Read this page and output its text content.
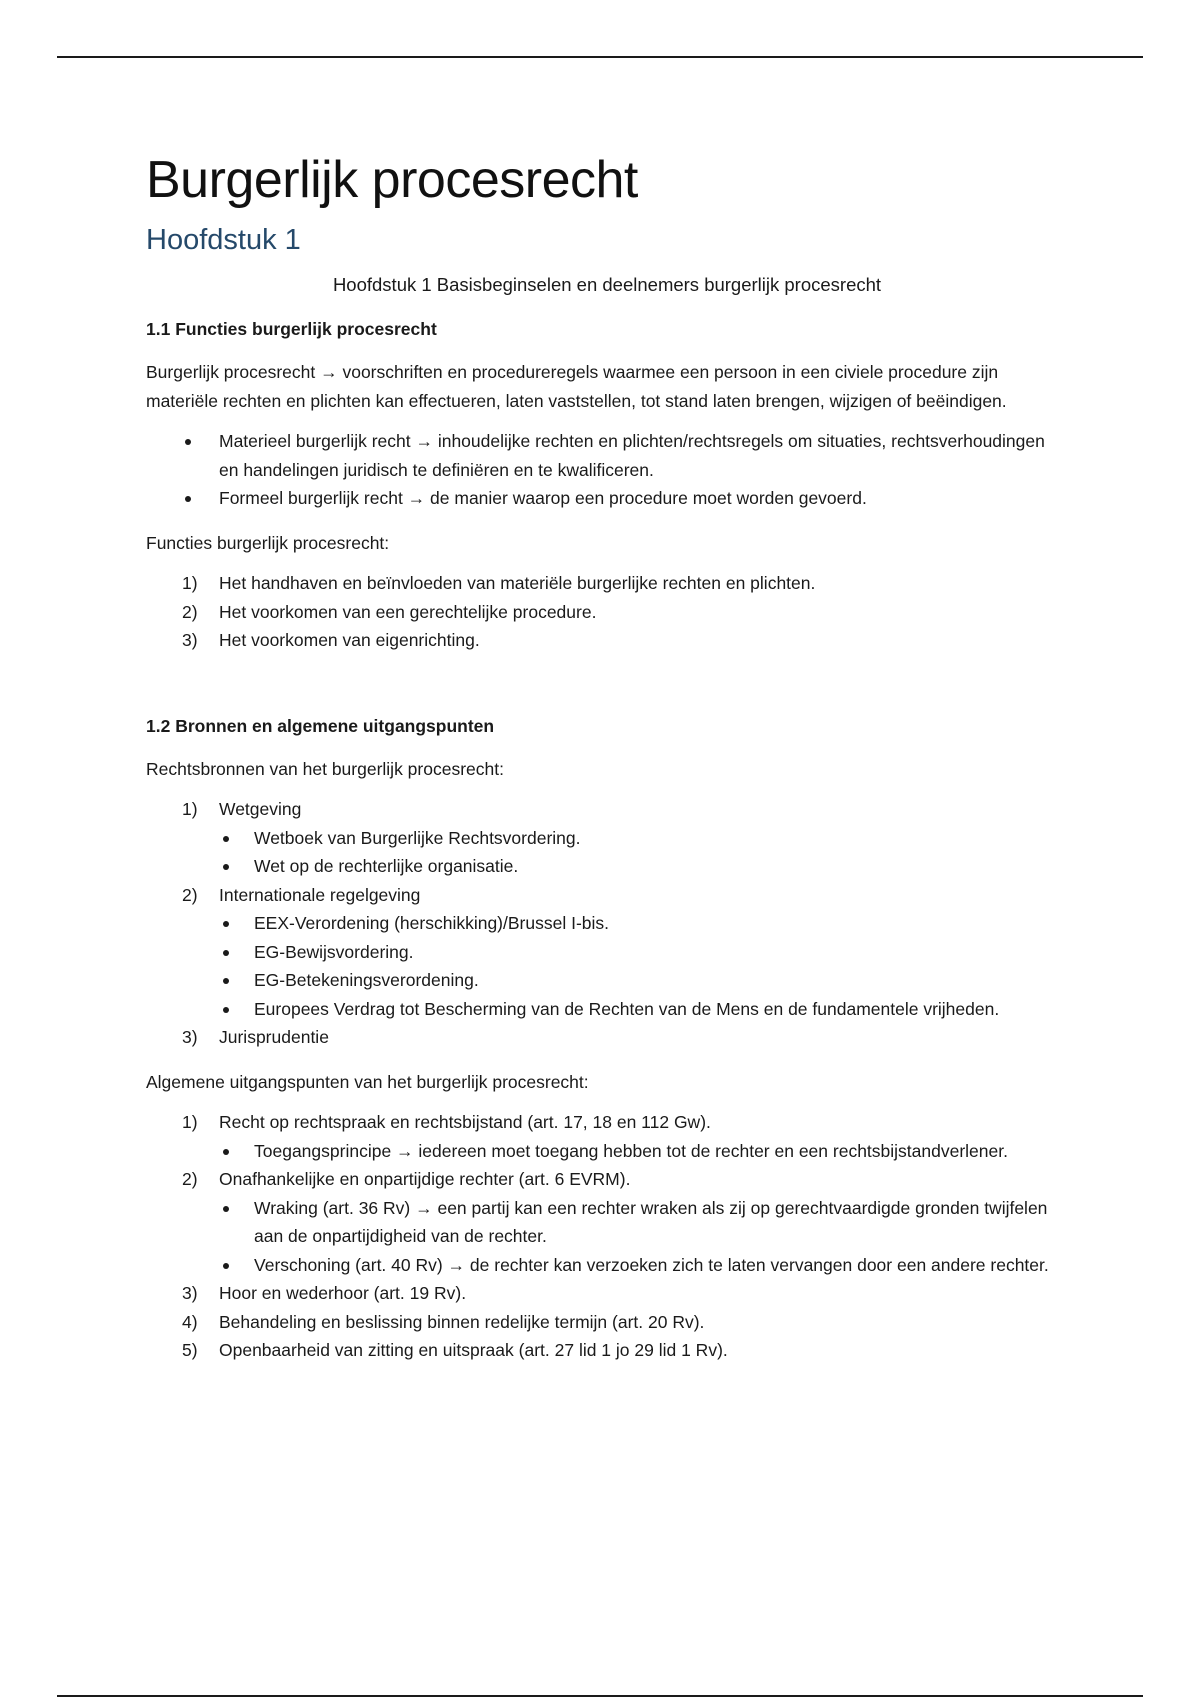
Burgerlijk procesrecht
Hoofdstuk 1
Hoofdstuk 1 Basisbeginselen en deelnemers burgerlijk procesrecht
1.1 Functies burgerlijk procesrecht
Burgerlijk procesrecht → voorschriften en procedureregels waarmee een persoon in een civiele procedure zijn materiële rechten en plichten kan effectueren, laten vaststellen, tot stand laten brengen, wijzigen of beëindigen.
Materieel burgerlijk recht → inhoudelijke rechten en plichten/rechtsregels om situaties, rechtsverhoudingen en handelingen juridisch te definiëren en te kwalificeren.
Formeel burgerlijk recht → de manier waarop een procedure moet worden gevoerd.
Functies burgerlijk procesrecht:
1) Het handhaven en beïnvloeden van materiële burgerlijke rechten en plichten.
2) Het voorkomen van een gerechtelijke procedure.
3) Het voorkomen van eigenrichting.
1.2 Bronnen en algemene uitgangspunten
Rechtsbronnen van het burgerlijk procesrecht:
1) Wetgeving
Wetboek van Burgerlijke Rechtsvordering.
Wet op de rechterlijke organisatie.
2) Internationale regelgeving
EEX-Verordening (herschikking)/Brussel I-bis.
EG-Bewijsvordering.
EG-Betekeningsverordening.
Europees Verdrag tot Bescherming van de Rechten van de Mens en de fundamentele vrijheden.
3) Jurisprudentie
Algemene uitgangspunten van het burgerlijk procesrecht:
1) Recht op rechtspraak en rechtsbijstand (art. 17, 18 en 112 Gw).
Toegangsprincipe → iedereen moet toegang hebben tot de rechter en een rechtsbijstandverlener.
2) Onafhankelijke en onpartijdige rechter (art. 6 EVRM).
Wraking (art. 36 Rv) → een partij kan een rechter wraken als zij op gerechtvaardigde gronden twijfelen aan de onpartijdigheid van de rechter.
Verschoning (art. 40 Rv) → de rechter kan verzoeken zich te laten vervangen door een andere rechter.
3) Hoor en wederhoor (art. 19 Rv).
4) Behandeling en beslissing binnen redelijke termijn (art. 20 Rv).
5) Openbaarheid van zitting en uitspraak (art. 27 lid 1 jo 29 lid 1 Rv).
